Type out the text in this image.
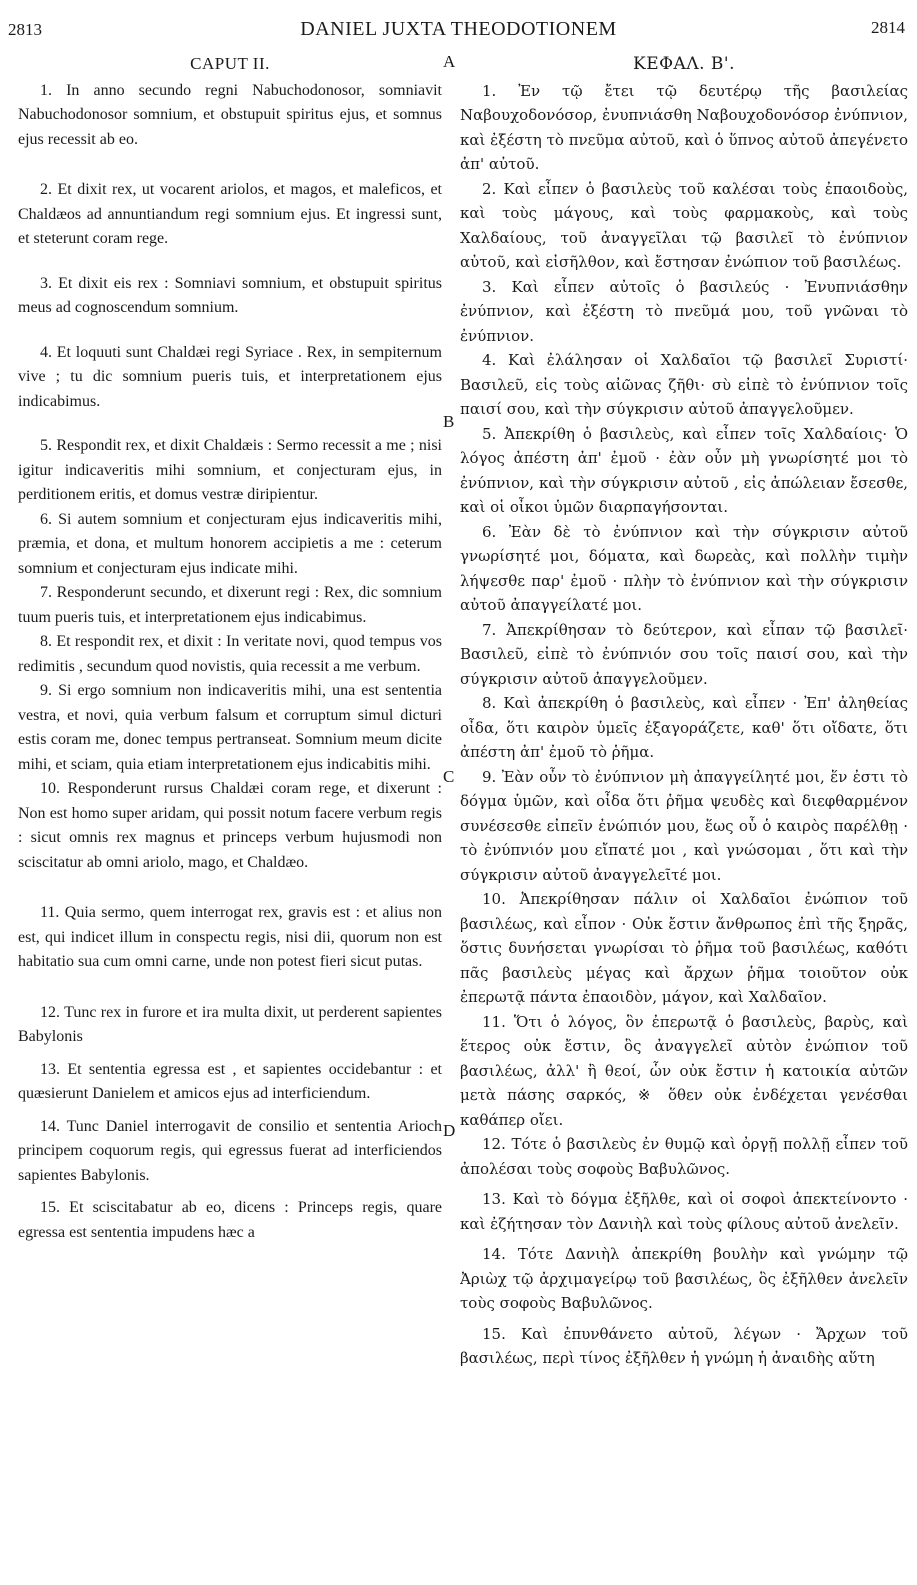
2813	DANIEL JUXTA THEODOTIONEM	2814
A
B
C
D
CAPUT II.

1. In anno secundo regni Nabuchodonosor, somniavit Nabuchodonosor somnium, et obstupuit spiritus ejus, et somnus ejus recessit ab eo.

2. Et dixit rex, ut vocarent ariolos, et magos, et maleficos, et Chaldæos ad annuntiandum regi somnium ejus. Et ingressi sunt, et steterunt coram rege.

3. Et dixit eis rex : Somniavi somnium, et obstupuit spiritus meus ad cognoscendum somnium.

4. Et loquuti sunt Chaldæi regi Syriace . Rex, in sempiternum vive ; tu dic somnium pueris tuis, et interpretationem ejus indicabimus.

5. Respondit rex, et dixit Chaldæis : Sermo recessit a me ; nisi igitur indicaveritis mihi somnium, et conjecturam ejus, in perditionem eritis, et domus vestræ diripientur.

6. Si autem somnium et conjecturam ejus indicaveritis mihi, præmia, et dona, et multum honorem accipietis a me : ceterum somnium et conjecturam ejus indicate mihi.

7. Responderunt secundo, et dixerunt regi : Rex, dic somnium tuum pueris tuis, et interpretationem ejus indicabimus.

8. Et respondit rex, et dixit : In veritate novi, quod tempus vos redimitis , secundum quod novistis, quia recessit a me verbum.

9. Si ergo somnium non indicaveritis mihi, una est sententia vestra, et novi, quia verbum falsum et corruptum simul dicturi estis coram me, donec tempus pertranseat. Somnium meum dicite mihi, et sciam, quia etiam interpretationem ejus indicabitis mihi.

10. Responderunt rursus Chaldæi coram rege, et dixerunt : Non est homo super aridam, qui possit notum facere verbum regis : sicut omnis rex magnus et princeps verbum hujusmodi non sciscitatur ab omni ariolo, mago, et Chaldæo.

11. Quia sermo, quem interrogat rex, gravis est : et alius non est, qui indicet illum in conspectu regis, nisi dii, quorum non est habitatio sua cum omni carne, unde non potest fieri sicut putas.

12. Tunc rex in furore et ira multa dixit, ut perderent sapientes Babylonis

13. Et sententia egressa est , et sapientes occidebantur : et quæsierunt Danielem et amicos ejus ad interficiendum.

14. Tunc Daniel interrogavit de consilio et sententia Arioch principem coquorum regis, qui egressus fuerat ad interficiendos sapientes Babylonis.

15. Et sciscitabatur ab eo, dicens : Princeps regis, quare egressa est sententia impudens hæc a

ΚΕΦΑΛ. Β'.

1. Ἐν τῷ ἔτει τῷ δευτέρῳ τῆς βασιλείας Ναβουχοδονόσορ, ἐνυπνιάσθη Ναβουχοδονόσορ ἐνύπνιον, καὶ ἐξέστη τὸ πνεῦμα αὐτοῦ, καὶ ὁ ὕπνος αὐτοῦ ἀπεγένετο ἀπ' αὐτοῦ.

2. Καὶ εἶπεν ὁ βασιλεὺς τοῦ καλέσαι τοὺς ἐπαοιδοὺς, καὶ τοὺς μάγους, καὶ τοὺς φαρμακοὺς, καὶ τοὺς Χαλδαίους, τοῦ ἀναγγεῖλαι τῷ βασιλεῖ τὸ ἐνύπνιον αὐτοῦ, καὶ εἰσῆλθον, καὶ ἔστησαν ἐνώπιον τοῦ βασιλέως.

3. Καὶ εἶπεν αὐτοῖς ὁ βασιλεύς · Ἐνυπνιάσθην ἐνύπνιον, καὶ ἐξέστη τὸ πνεῦμά μου, τοῦ γνῶναι τὸ ἐνύπνιον.

4. Καὶ ἐλάλησαν οἱ Χαλδαῖοι τῷ βασιλεῖ Συριστί· Βασιλεῦ, εἰς τοὺς αἰῶνας ζῆθι· σὺ εἰπὲ τὸ ἐνύπνιον τοῖς παισί σου, καὶ τὴν σύγκρισιν αὐτοῦ ἀπαγγελοῦμεν.

5. Ἀπεκρίθη ὁ βασιλεὺς, καὶ εἶπεν τοῖς Χαλδαίοις· Ὁ λόγος ἀπέστη ἀπ' ἐμοῦ · ἐὰν οὖν μὴ γνωρίσητέ μοι τὸ ἐνύπνιον, καὶ τὴν σύγκρισιν αὐτοῦ , εἰς ἀπώλειαν ἔσεσθε, καὶ οἱ οἶκοι ὑμῶν διαρπαγήσονται.

6. Ἐὰν δὲ τὸ ἐνύπνιον καὶ τὴν σύγκρισιν αὐτοῦ γνωρίσητέ μοι, δόματα, καὶ δωρεὰς, καὶ πολλὴν τιμὴν λήψεσθε παρ' ἐμοῦ · πλὴν τὸ ἐνύπνιον καὶ τὴν σύγκρισιν αὐτοῦ ἀπαγγείλατέ μοι.

7. Ἀπεκρίθησαν τὸ δεύτερον, καὶ εἶπαν τῷ βασιλεῖ· Βασιλεῦ, εἰπὲ τὸ ἐνύπνιόν σου τοῖς παισί σου, καὶ τὴν σύγκρισιν αὐτοῦ ἀπαγγελοῦμεν.

8. Καὶ ἀπεκρίθη ὁ βασιλεὺς, καὶ εἶπεν · Ἐπ' ἀληθείας οἶδα, ὅτι καιρὸν ὑμεῖς ἐξαγοράζετε, καθ' ὅτι οἴδατε, ὅτι ἀπέστη ἀπ' ἐμοῦ τὸ ῥῆμα.

9. Ἐὰν οὖν τὸ ἐνύπνιον μὴ ἀπαγγείλητέ μοι, ἕν ἐστι τὸ δόγμα ὑμῶν, καὶ οἶδα ὅτι ῥῆμα ψευδὲς καὶ διεφθαρμένον συνέσεσθε εἰπεῖν ἐνώπιόν μου, ἕως οὗ ὁ καιρὸς παρέλθῃ · τὸ ἐνύπνιόν μου εἴπατέ μοι , καὶ γνώσομαι , ὅτι καὶ τὴν σύγκρισιν αὐτοῦ ἀναγγελεῖτέ μοι.

10. Ἀπεκρίθησαν πάλιν οἱ Χαλδαῖοι ἐνώπιον τοῦ βασιλέως, καὶ εἶπον · Οὐκ ἔστιν ἄνθρωπος ἐπὶ τῆς ξηρᾶς, ὅστις δυνήσεται γνωρίσαι τὸ ῥῆμα τοῦ βασιλέως, καθότι πᾶς βασιλεὺς μέγας καὶ ἄρχων ῥῆμα τοιοῦτον οὐκ ἐπερωτᾷ πάντα ἐπαοιδὸν, μάγον, καὶ Χαλδαῖον.

11. Ὅτι ὁ λόγος, ὃν ἐπερωτᾷ ὁ βασιλεὺς, βαρὺς, καὶ ἕτερος οὐκ ἔστιν, ὃς ἀναγγελεῖ αὐτὸν ἐνώπιον τοῦ βασιλέως, ἀλλ' ἢ θεοί, ὧν οὐκ ἔστιν ἡ κατοικία αὐτῶν μετὰ πάσης σαρκός, ※ ὅθεν οὐκ ἐνδέχεται γενέσθαι καθάπερ οἴει.

12. Τότε ὁ βασιλεὺς ἐν θυμῷ καὶ ὀργῇ πολλῇ εἶπεν τοῦ ἀπολέσαι τοὺς σοφοὺς Βαβυλῶνος.

13. Καὶ τὸ δόγμα ἐξῆλθε, καὶ οἱ σοφοὶ ἀπεκτείνοντο · καὶ ἐζήτησαν τὸν Δανιὴλ καὶ τοὺς φίλους αὐτοῦ ἀνελεῖν.

14. Τότε Δανιὴλ ἀπεκρίθη βουλὴν καὶ γνώμην τῷ Ἀριὼχ τῷ ἀρχιμαγείρῳ τοῦ βασιλέως, ὃς ἐξῆλθεν ἀνελεῖν τοὺς σοφοὺς Βαβυλῶνος.

15. Καὶ ἐπυνθάνετο αὐτοῦ, λέγων · Ἄρχων τοῦ βασιλέως, περὶ τίνος ἐξῆλθεν ἡ γνώμη ἡ ἀναιδὴς αὕτη
